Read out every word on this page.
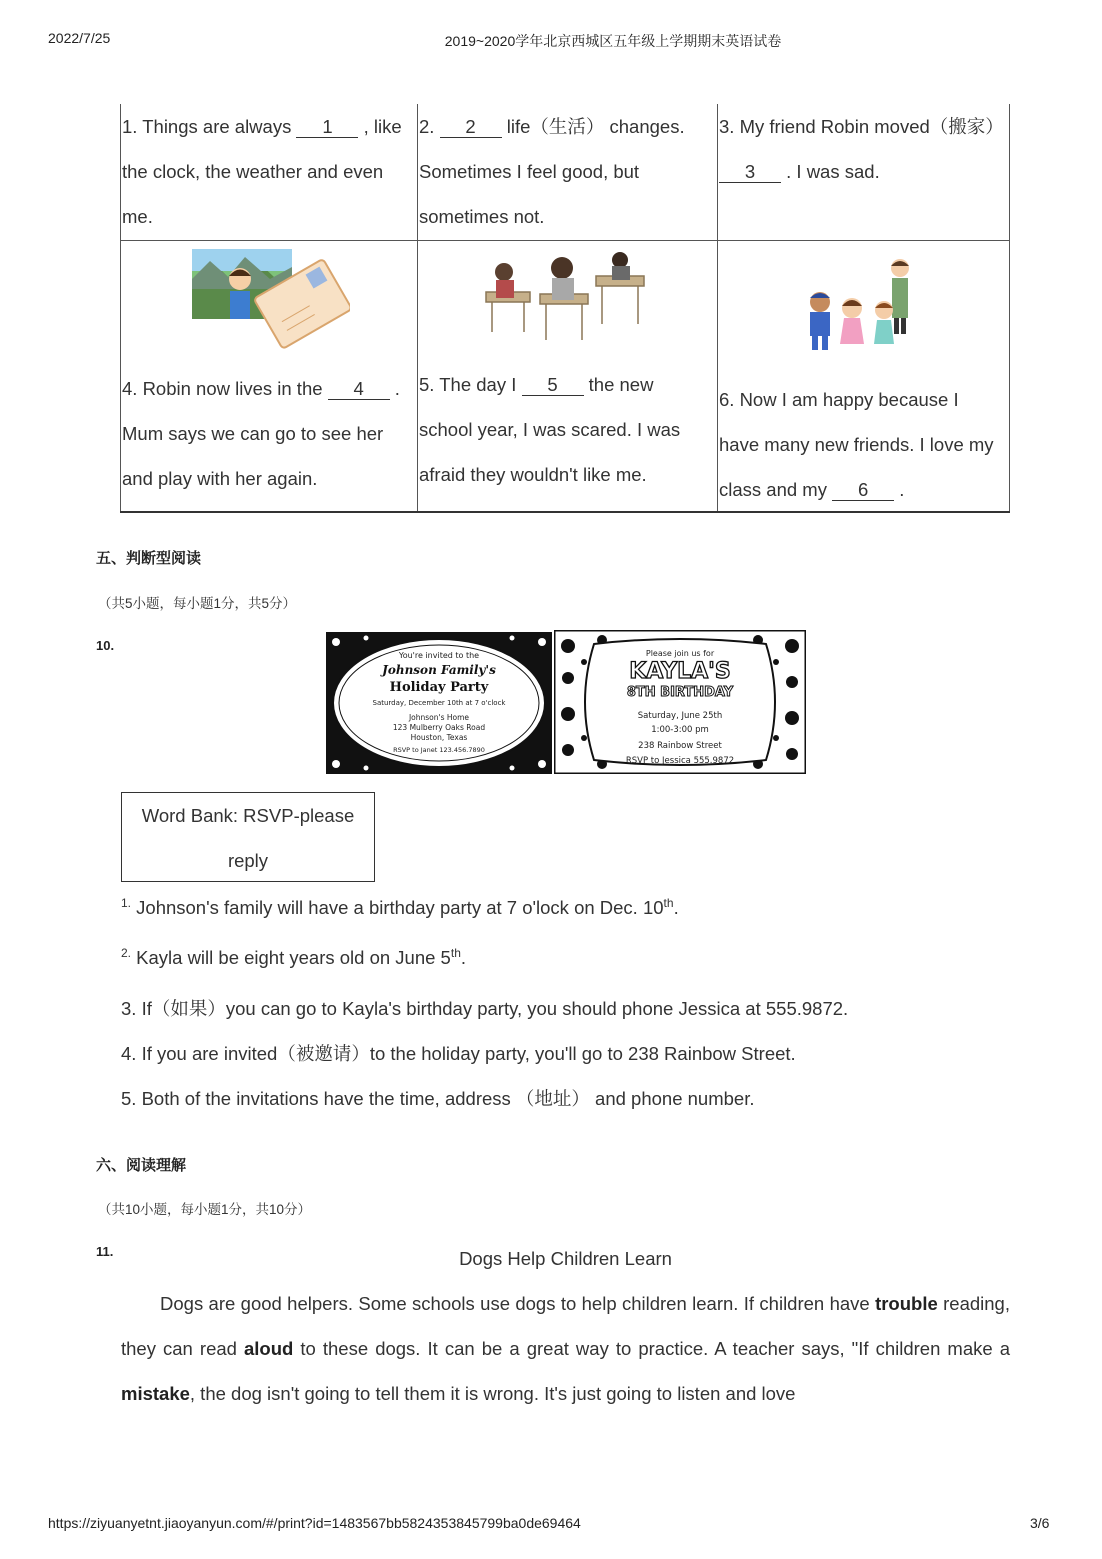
2022/7/25	2019~2020学年北京西城区五年级上学期期末英语试卷
1. Things are always 1 , like the clock, the weather and even me.
2. 2 life（生活） changes. Sometimes I feel good, but sometimes not.
3. My friend Robin moved（搬家） 3 . I was sad.
4. Robin now lives in the 4 . Mum says we can go to see her and play with her again.
5. The day I 5 the new school year, I was scared. I was afraid they wouldn't like me.
6. Now I am happy because I have many new friends. I love my class and my 6 .
五、判断型阅读
（共5小题，每小题1分，共5分）
10.
You're invited to the
Johnson Family's
Holiday Party
Saturday, December 10th at 7 o'clock
Johnson's Home
123 Mulberry Oaks Road
Houston, Texas
RSVP to Janet 123.456.7890
Please join us for
KAYLA'S
8TH BIRTHDAY
Saturday, June 25th
1:00-3:00 pm
238 Rainbow Street
RSVP to Jessica 555.9872
Word Bank: RSVP-please reply
$^{1.}$ Johnson's family will have a birthday party at 7 o'lock on Dec. 10th.
$^{2.}$ Kayla will be eight years old on June 5th.
3. If（如果）you can go to Kayla's birthday party, you should phone Jessica at 555.9872.
4. If you are invited（被邀请）to the holiday party, you'll go to 238 Rainbow Street.
5. Both of the invitations have the time, address （地址） and phone number.
六、阅读理解
（共10小题，每小题1分，共10分）
11.	Dogs Help Children Learn
Dogs are good helpers. Some schools use dogs to help children learn. If children have trouble reading, they can read aloud to these dogs. It can be a great way to practice. A teacher says, "If children make a mistake, the dog isn't going to tell them it is wrong. It's just going to listen and love
https://ziyuanyetnt.jiaoyanyun.com/#/print?id=1483567bb5824353845799ba0de69464	3/6
